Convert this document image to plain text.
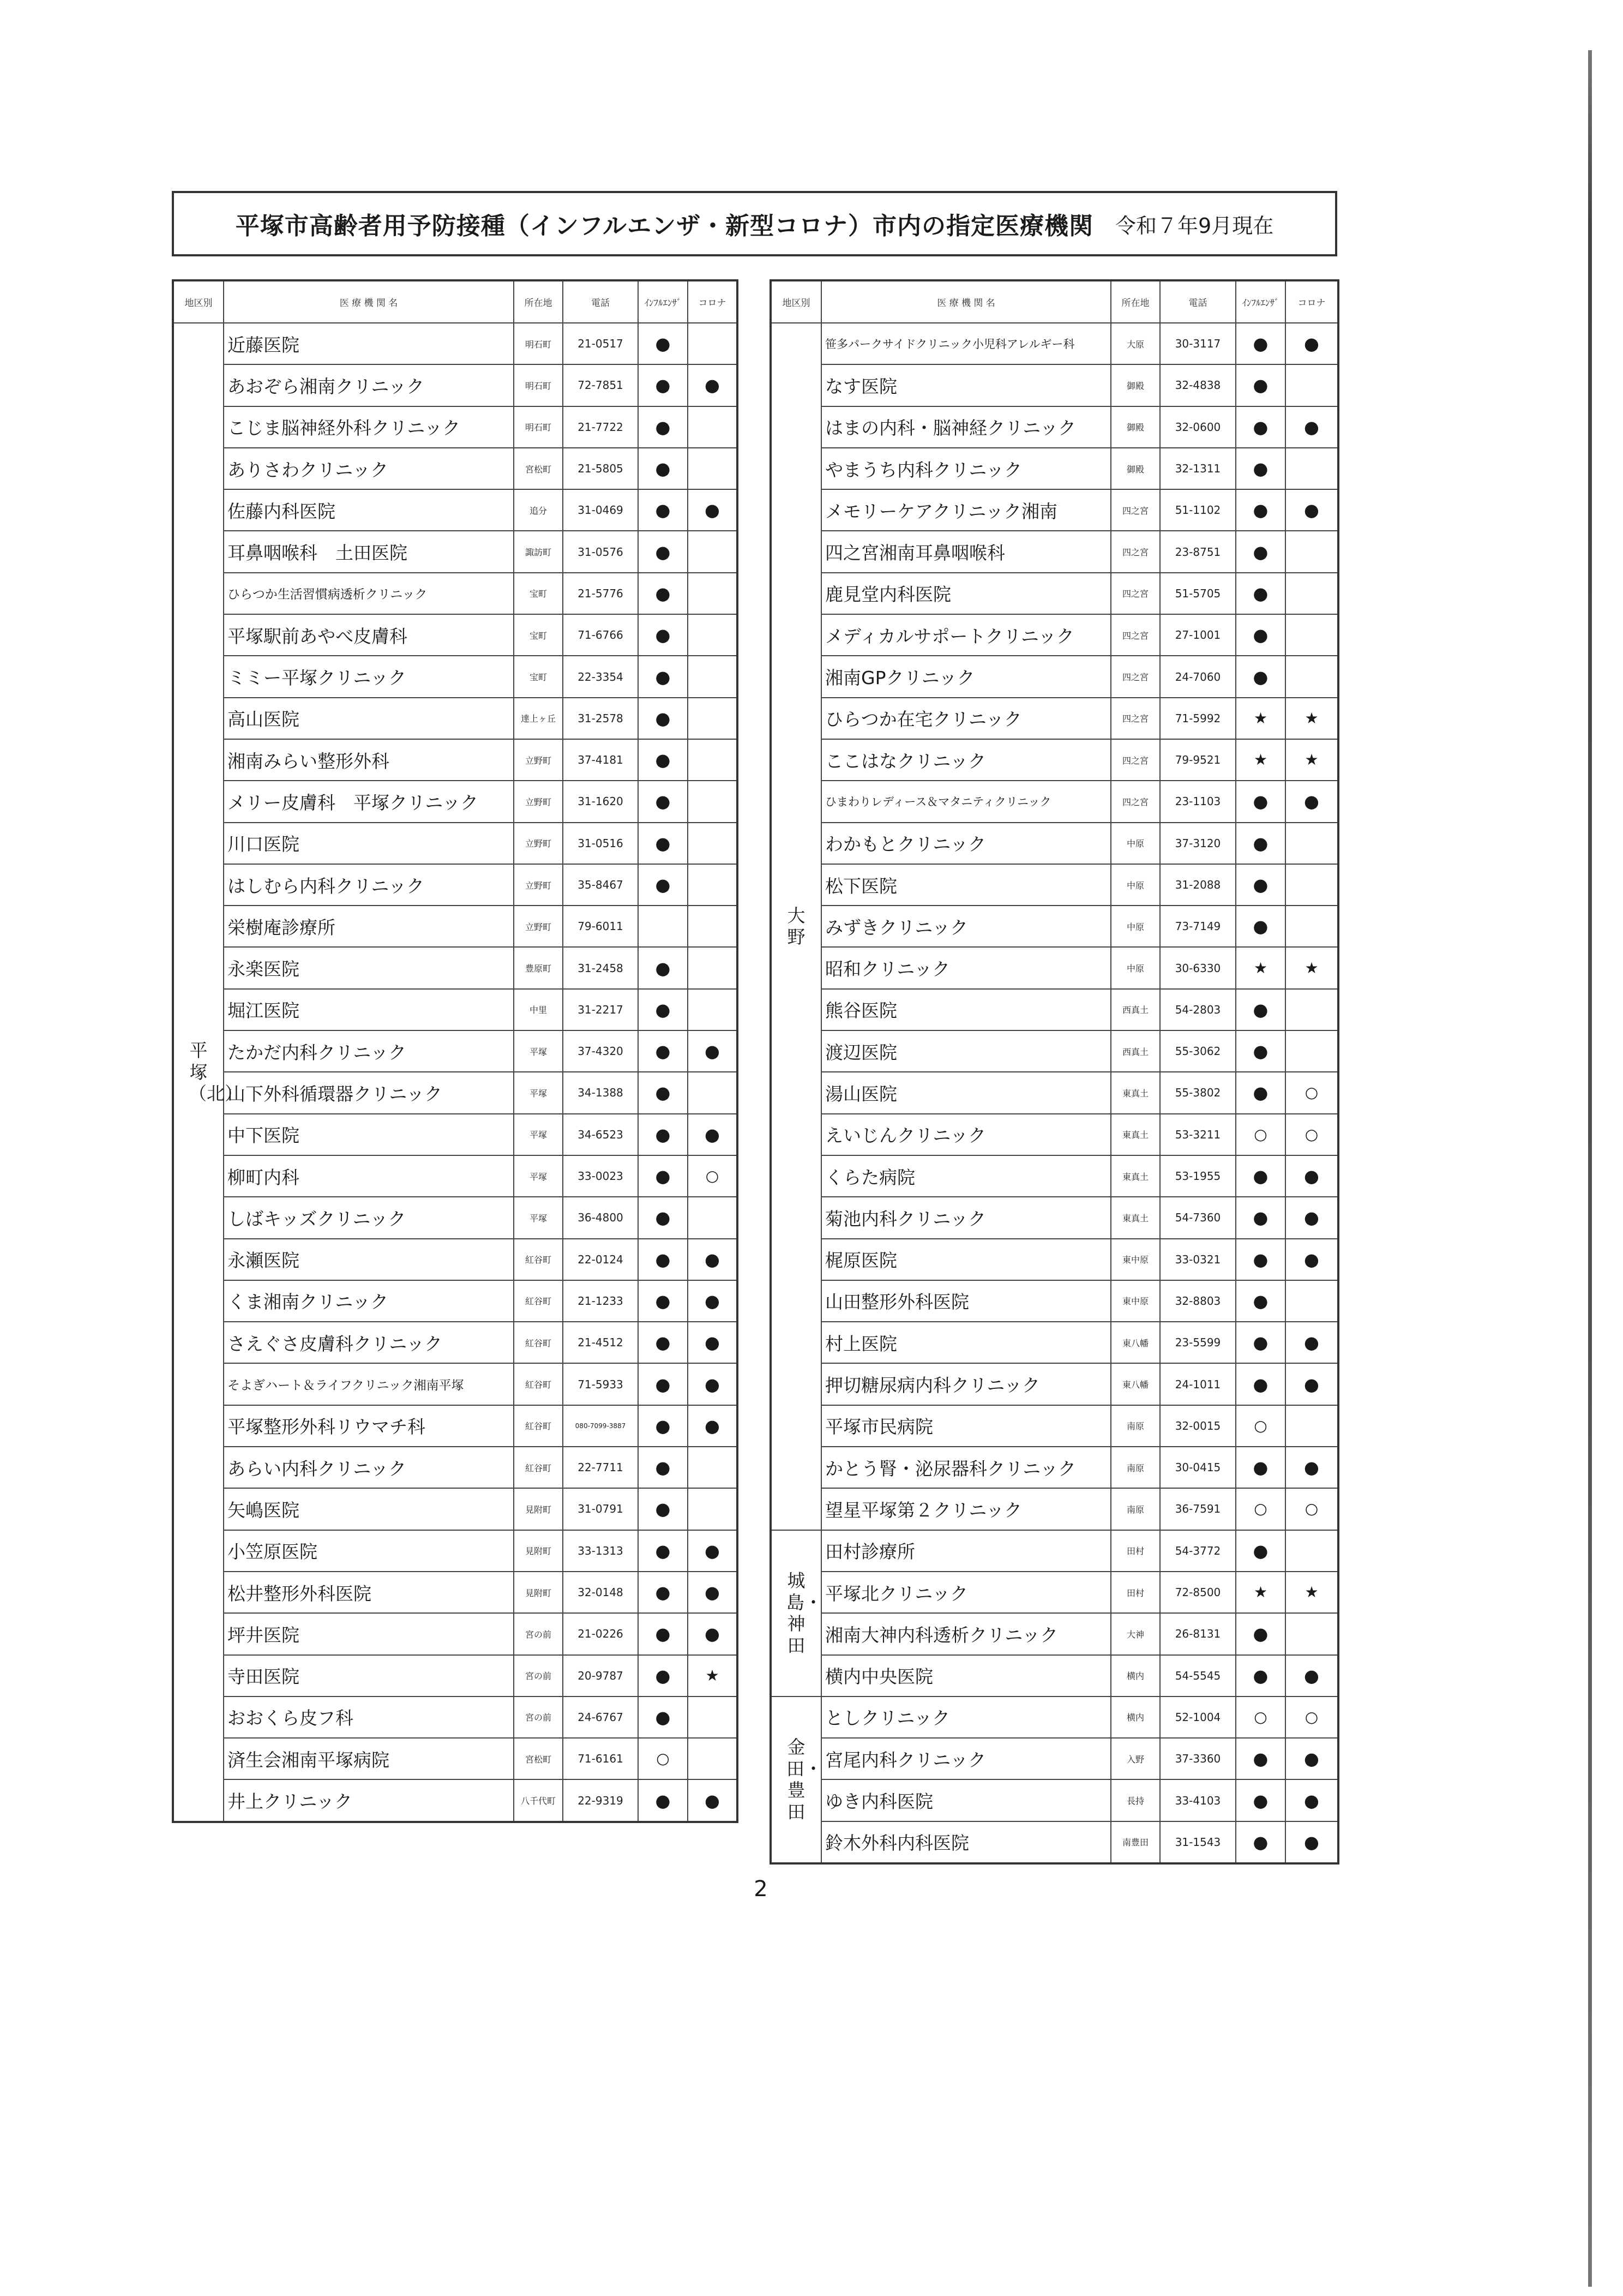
平塚市高齢者用予防接種（インフルエンザ・新型コロナ）市内の指定医療機関 令和７年9月現在
地区別	医 療 機 関 名	所在地	電話	ｲﾝﾌﾙｴﾝｻﾞ	コロナ
平塚（北）	近藤医院	明石町	21-0517	●	
	あおぞら湘南クリニック	明石町	72-7851	●	●
	こじま脳神経外科クリニック	明石町	21-7722	●	
	ありさわクリニック	宮松町	21-5805	●	
	佐藤内科医院	追分	31-0469	●	●
	耳鼻咽喉科　土田医院	諏訪町	31-0576	●	
	ひらつか生活習慣病透析クリニック	宝町	21-5776	●	
	平塚駅前あやべ皮膚科	宝町	71-6766	●	
	ミミー平塚クリニック	宝町	22-3354	●	
	高山医院	達上ヶ丘	31-2578	●	
	湘南みらい整形外科	立野町	37-4181	●	
	メリー皮膚科　平塚クリニック	立野町	31-1620	●	
	川口医院	立野町	31-0516	●	
	はしむら内科クリニック	立野町	35-8467	●	
	栄樹庵診療所	立野町	79-6011		
	永楽医院	豊原町	31-2458	●	
	堀江医院	中里	31-2217	●	
	たかだ内科クリニック	平塚	37-4320	●	●
	山下外科循環器クリニック	平塚	34-1388	●	
	中下医院	平塚	34-6523	●	●
	柳町内科	平塚	33-0023	●	○
	しばキッズクリニック	平塚	36-4800	●	
	永瀬医院	紅谷町	22-0124	●	●
	くま湘南クリニック	紅谷町	21-1233	●	●
	さえぐさ皮膚科クリニック	紅谷町	21-4512	●	●
	そよぎハート＆ライフクリニック湘南平塚	紅谷町	71-5933	●	●
	平塚整形外科リウマチ科	紅谷町	080-7099-3887	●	●
	あらい内科クリニック	紅谷町	22-7711	●	
	矢嶋医院	見附町	31-0791	●	
	小笠原医院	見附町	33-1313	●	●
	松井整形外科医院	見附町	32-0148	●	●
	坪井医院	宮の前	21-0226	●	●
	寺田医院	宮の前	20-9787	●	★
	おおくら皮フ科	宮の前	24-6767	●	
	済生会湘南平塚病院	宮松町	71-6161	○	
	井上クリニック	八千代町	22-9319	●	●
地区別	医 療 機 関 名	所在地	電話	ｲﾝﾌﾙｴﾝｻﾞ	コロナ
大野	笹多パークサイドクリニック小児科アレルギー科	大原	30-3117	●	●
	なす医院	御殿	32-4838	●	
	はまの内科・脳神経クリニック	御殿	32-0600	●	●
	やまうち内科クリニック	御殿	32-1311	●	
	メモリーケアクリニック湘南	四之宮	51-1102	●	●
	四之宮湘南耳鼻咽喉科	四之宮	23-8751	●	
	鹿見堂内科医院	四之宮	51-5705	●	
	メディカルサポートクリニック	四之宮	27-1001	●	
	湘南GPクリニック	四之宮	24-7060	●	
	ひらつか在宅クリニック	四之宮	71-5992	★	★
	ここはなクリニック	四之宮	79-9521	★	★
	ひまわりレディース＆マタニティクリニック	四之宮	23-1103	●	●
	わかもとクリニック	中原	37-3120	●	
	松下医院	中原	31-2088	●	
	みずきクリニック	中原	73-7149	●	
	昭和クリニック	中原	30-6330	★	★
	熊谷医院	西真土	54-2803	●	
	渡辺医院	西真土	55-3062	●	
	湯山医院	東真土	55-3802	●	○
	えいじんクリニック	東真土	53-3211	○	○
	くらた病院	東真土	53-1955	●	●
	菊池内科クリニック	東真土	54-7360	●	●
	梶原医院	東中原	33-0321	●	●
	山田整形外科医院	東中原	32-8803	●	
	村上医院	東八幡	23-5599	●	●
	押切糖尿病内科クリニック	東八幡	24-1011	●	●
	平塚市民病院	南原	32-0015	○	
	かとう腎・泌尿器科クリニック	南原	30-0415	●	●
	望星平塚第２クリニック	南原	36-7591	○	○
城島・神田	田村診療所	田村	54-3772	●	
	平塚北クリニック	田村	72-8500	★	★
	湘南大神内科透析クリニック	大神	26-8131	●	
	横内中央医院	横内	54-5545	●	●
金田・豊田	としクリニック	横内	52-1004	○	○
	宮尾内科クリニック	入野	37-3360	●	●
	ゆき内科医院	長持	33-4103	●	●
	鈴木外科内科医院	南豊田	31-1543	●	●
2
